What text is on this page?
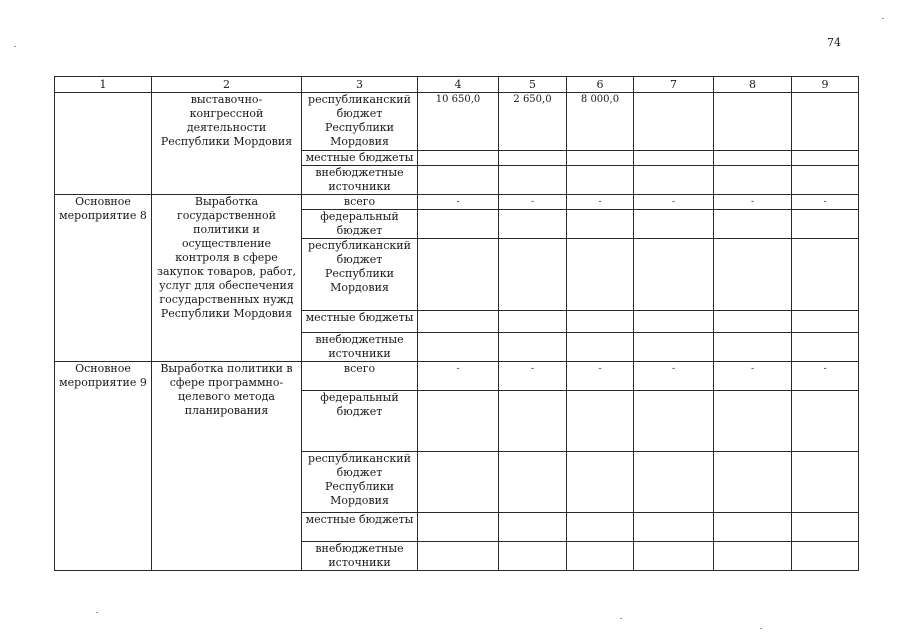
74
1	2	3	4	5	6	7	8	9
	выставочно-конгрессной деятельности Республики Мордовия	республиканский бюджет Республики Мордовия	10 650,0	2 650,0	8 000,0			
		местные бюджеты						
		внебюджетные источники						
Основное мероприятие 8	Выработка государственной политики и осуществление контроля в сфере закупок товаров, работ, услуг для обеспечения государственных нужд Республики Мордовия	всего	-	-	-	-	-	-
		федеральный бюджет						
		республиканский бюджет Республики Мордовия						
		местные бюджеты						
		внебюджетные источники						
Основное мероприятие 9	Выработка политики в сфере программно-целевого метода планирования	всего	-	-	-	-	-	-
		федеральный бюджет						
		республиканский бюджет Республики Мордовия						
		местные бюджеты						
		внебюджетные источники						
